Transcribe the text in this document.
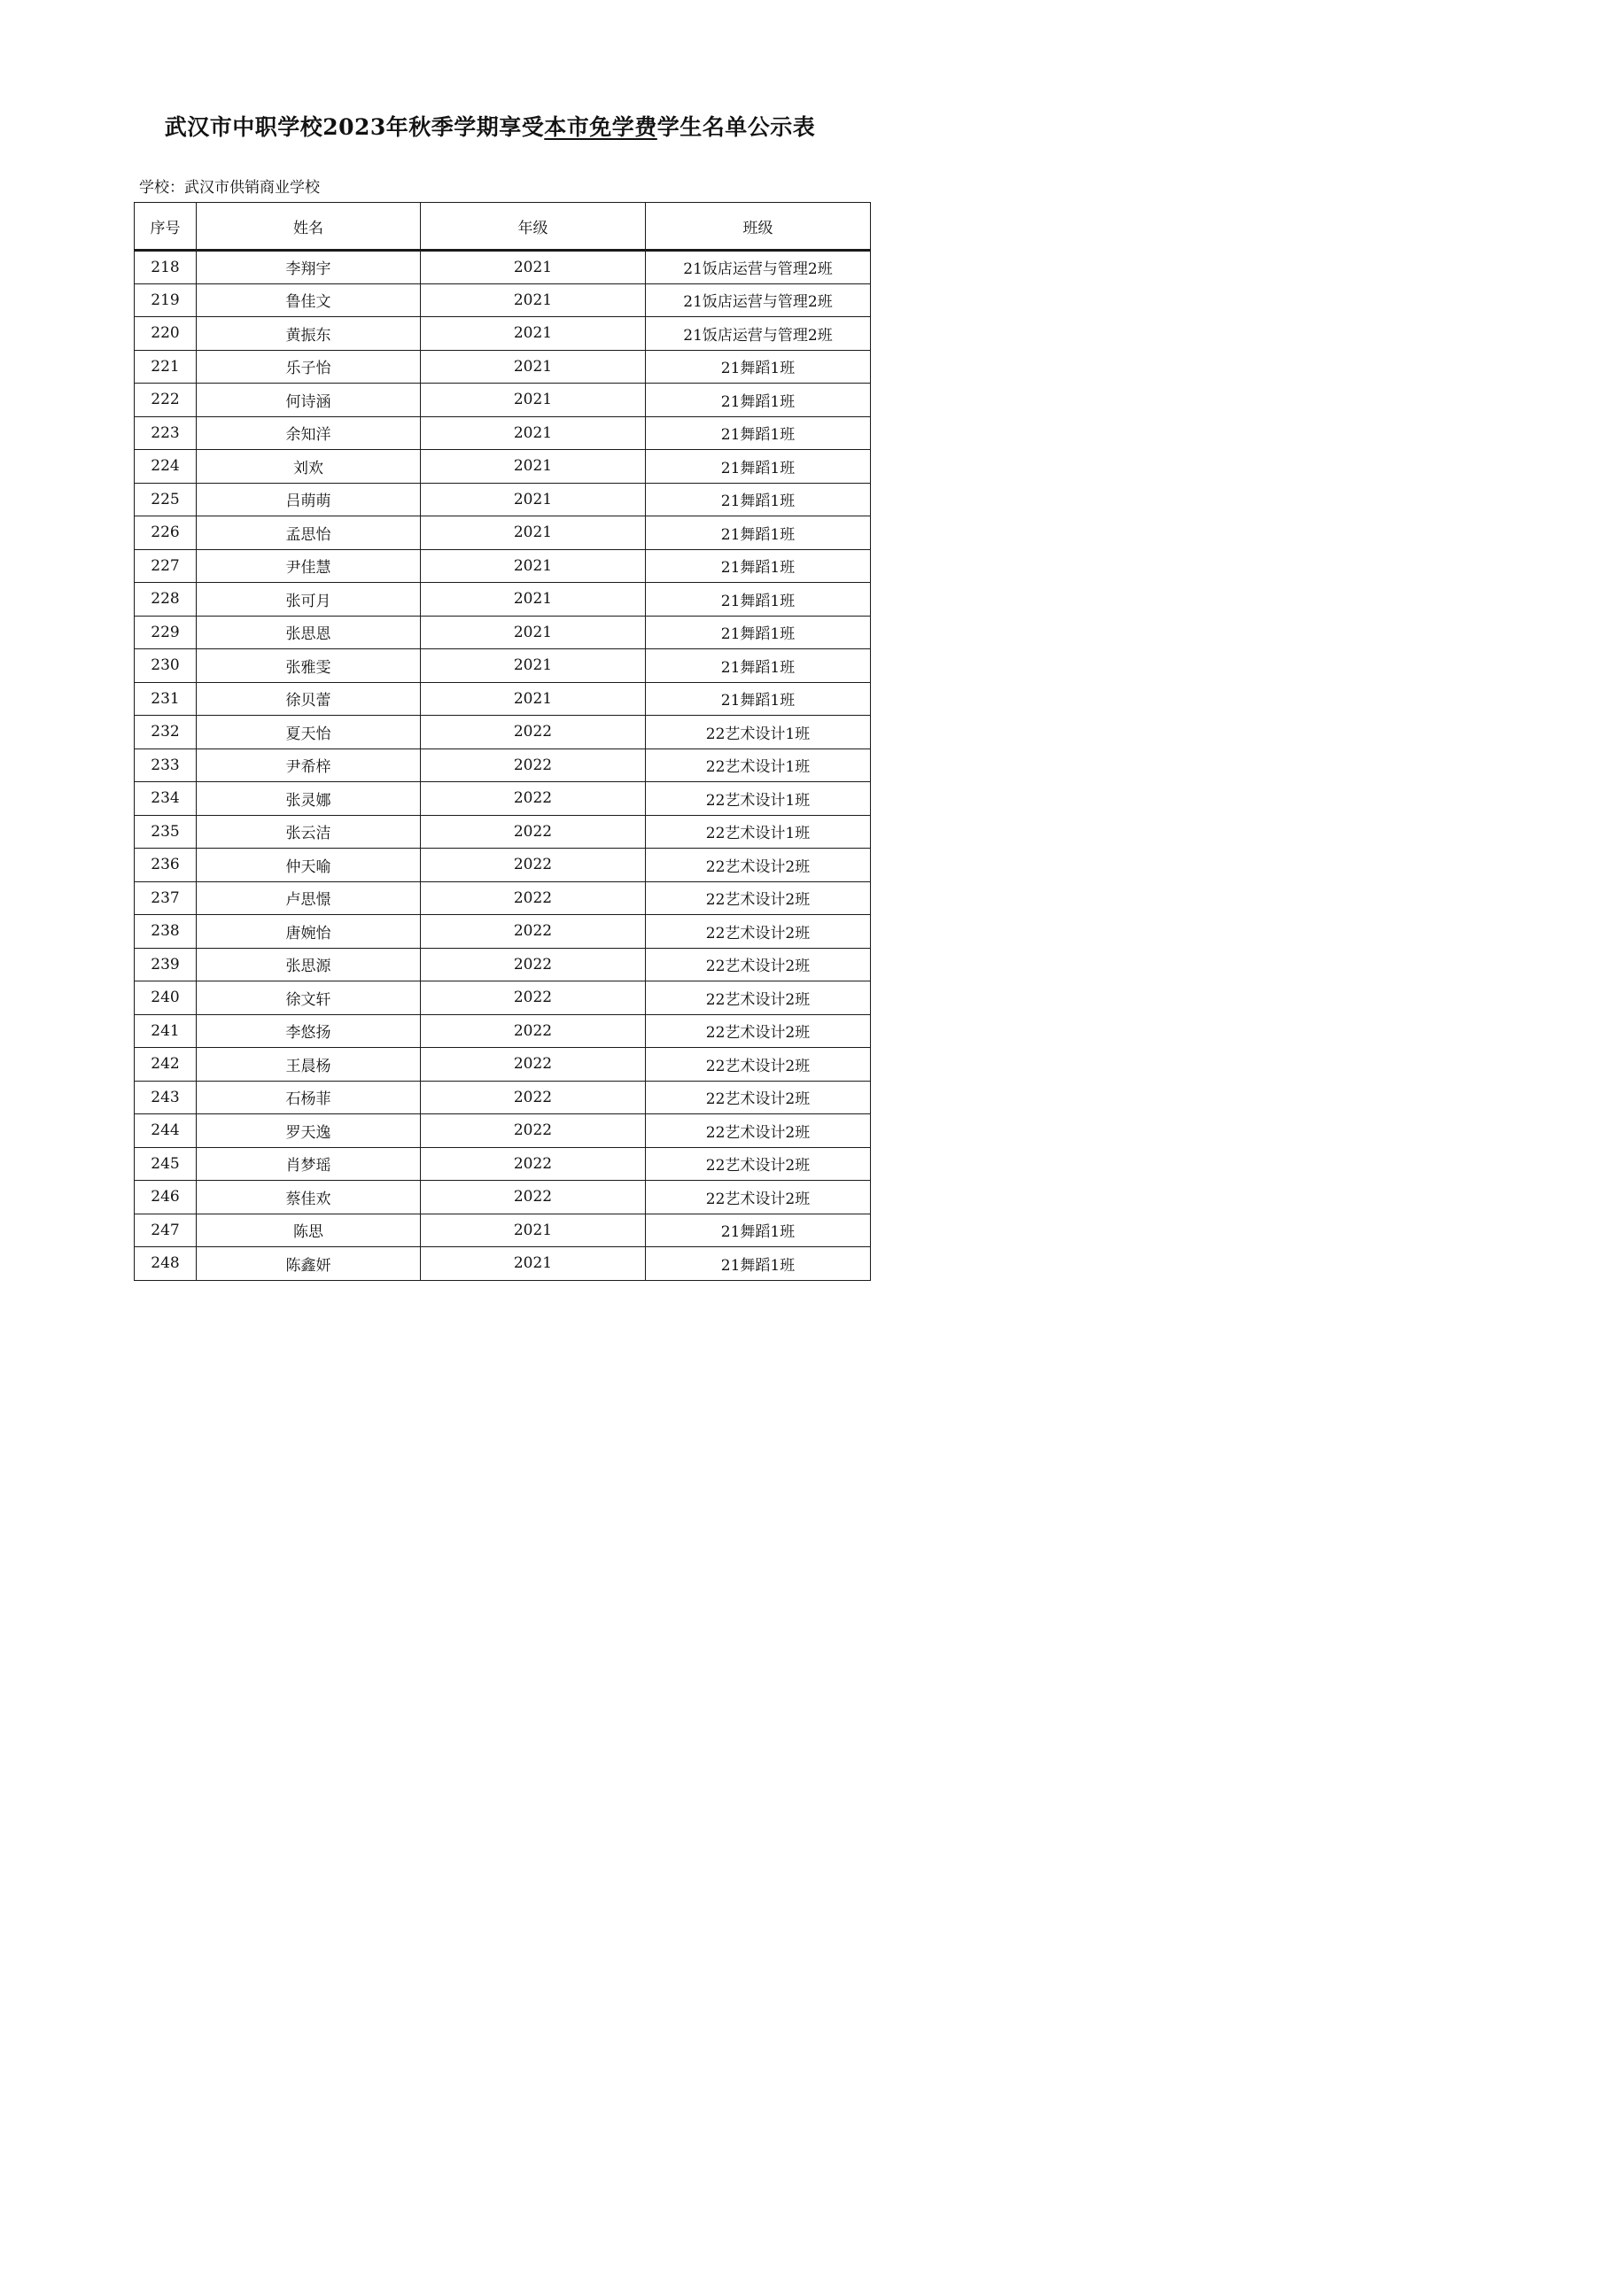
武汉市中职学校2023年秋季学期享受本市免学费学生名单公示表
学校：武汉市供销商业学校
序号	姓名	年级	班级
218	李翔宇	2021	21饭店运营与管理2班
219	鲁佳文	2021	21饭店运营与管理2班
220	黄振东	2021	21饭店运营与管理2班
221	乐子怡	2021	21舞蹈1班
222	何诗涵	2021	21舞蹈1班
223	余知洋	2021	21舞蹈1班
224	刘欢	2021	21舞蹈1班
225	吕萌萌	2021	21舞蹈1班
226	孟思怡	2021	21舞蹈1班
227	尹佳慧	2021	21舞蹈1班
228	张可月	2021	21舞蹈1班
229	张思恩	2021	21舞蹈1班
230	张雅雯	2021	21舞蹈1班
231	徐贝蕾	2021	21舞蹈1班
232	夏天怡	2022	22艺术设计1班
233	尹希梓	2022	22艺术设计1班
234	张灵娜	2022	22艺术设计1班
235	张云洁	2022	22艺术设计1班
236	仲天喻	2022	22艺术设计2班
237	卢思憬	2022	22艺术设计2班
238	唐婉怡	2022	22艺术设计2班
239	张思源	2022	22艺术设计2班
240	徐文轩	2022	22艺术设计2班
241	李悠扬	2022	22艺术设计2班
242	王晨杨	2022	22艺术设计2班
243	石杨菲	2022	22艺术设计2班
244	罗天逸	2022	22艺术设计2班
245	肖梦瑶	2022	22艺术设计2班
246	蔡佳欢	2022	22艺术设计2班
247	陈思	2021	21舞蹈1班
248	陈鑫妍	2021	21舞蹈1班
